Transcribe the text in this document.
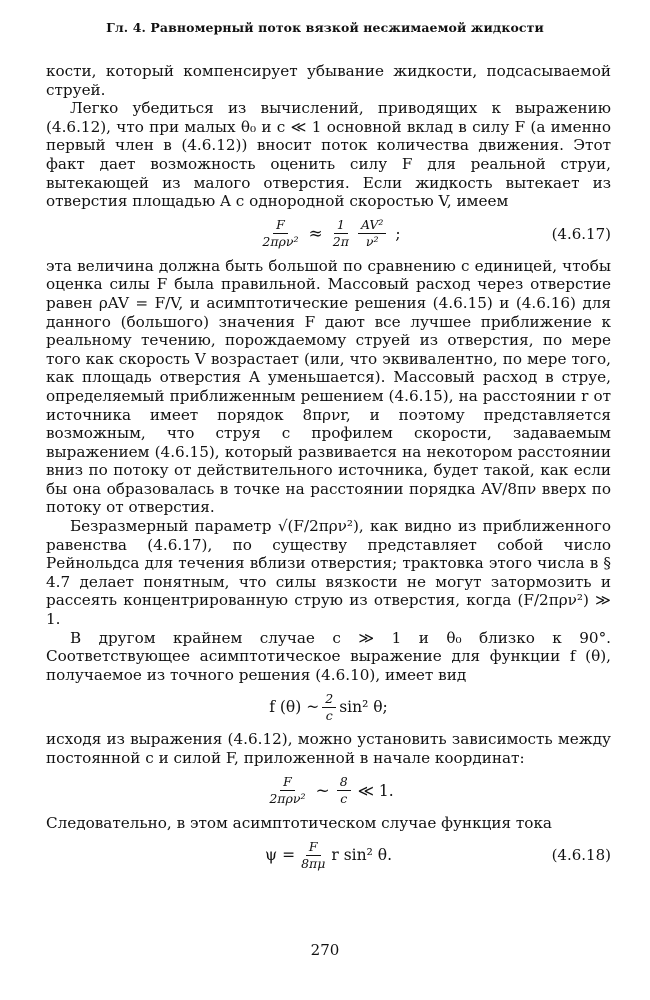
Гл. 4. Равномерный поток вязкой несжимаемой жидкости

кости, который компенсирует убывание жидкости, подсасываемой струей.

Легко убедиться из вычислений, приводящих к выражению (4.6.12), что при малых θ₀ и c ≪ 1 основной вклад в силу F (а именно первый член в (4.6.12)) вносит поток количества движения. Этот факт дает возможность оценить силу F для реальной струи, вытекающей из малого отверстия. Если жидкость вытекает из отверстия площадью A с однородной скоростью V, имеем

$\frac{F}{\text{2πρν²}} \approx \frac{1}{2\pi} \frac{\text{AV²}}{\text{ν²}}$ ;	(4.6.17)

эта величина должна быть большой по сравнению с единицей, чтобы оценка силы F была правильной. Массовый расход через отверстие равен ρAV = F/V, и асимптотические решения (4.6.15) и (4.6.16) для данного (большого) значения F дают все лучшее приближение к реальному течению, порождаемому струей из отверстия, по мере того как скорость V возрастает (или, что эквивалентно, по мере того, как площадь отверстия A уменьшается). Массовый расход в струе, определяемый приближенным решением (4.6.15), на расстоянии r от источника имеет порядок 8πρνr, и поэтому представляется возможным, что струя с профилем скорости, задаваемым выражением (4.6.15), который развивается на некотором расстоянии вниз по потоку от действительного источника, будет такой, как если бы она образовалась в точке на расстоянии порядка AV/8πν вверх по потоку от отверстия.

Безразмерный параметр √(F/2πρν²), как видно из приближенного равенства (4.6.17), по существу представляет собой число Рейнольдса для течения вблизи отверстия; трактовка этого числа в § 4.7 делает понятным, что силы вязкости не могут затормозить и рассеять концентрированную струю из отверстия, когда (F/2πρν²) ≫ 1.

В другом крайнем случае c ≫ 1 и θ₀ близко к 90°. Соответствующее асимптотическое выражение для функции f (θ), получаемое из точного решения (4.6.10), имеет вид

f (θ) ~ $\frac{2}{c} \sin^2$ θ;

исходя из выражения (4.6.12), можно установить зависимость между постоянной c и силой F, приложенной в начале координат:

$\frac{F}{\text{2πρν²}}$ ~ $\frac{8}{c}$ ≪ 1.

Следовательно, в этом асимптотическом случае функция тока

$\psi = \frac{F}{8\pi\mu}$ r sin² θ.	(4.6.18)
270
